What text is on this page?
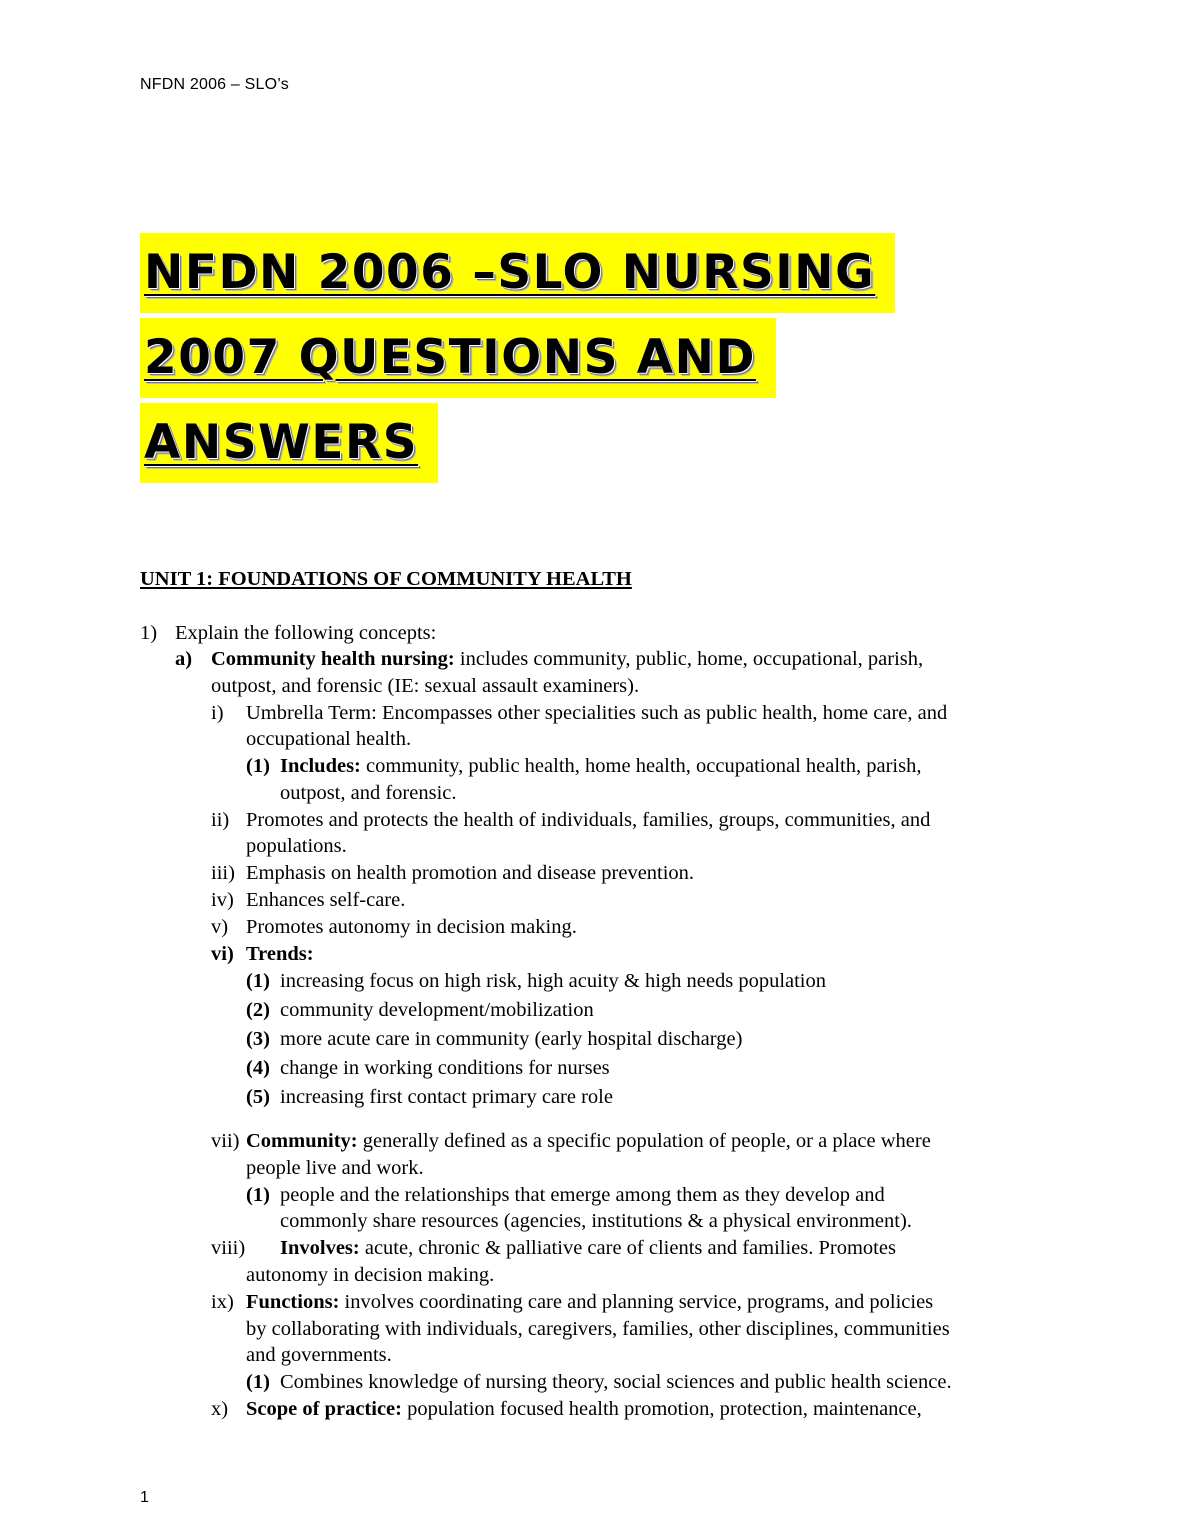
NFDN 2006 – SLO’s
NFDN 2006 –SLO NURSING
2007 QUESTIONS AND
ANSWERS
UNIT 1: FOUNDATIONS OF COMMUNITY HEALTH
1) Explain the following concepts:
a) Community health nursing: includes community, public, home, occupational, parish,
outpost, and forensic (IE: sexual assault examiners).
i) Umbrella Term: Encompasses other specialities such as public health, home care, and
occupational health.
(1) Includes: community, public health, home health, occupational health, parish,
outpost, and forensic.
ii) Promotes and protects the health of individuals, families, groups, communities, and
populations.
iii) Emphasis on health promotion and disease prevention.
iv) Enhances self-care.
v) Promotes autonomy in decision making.
vi) Trends:
(1) increasing focus on high risk, high acuity & high needs population
(2) community development/mobilization
(3) more acute care in community (early hospital discharge)
(4) change in working conditions for nurses
(5) increasing first contact primary care role
vii) Community: generally defined as a specific population of people, or a place where
people live and work.
(1) people and the relationships that emerge among them as they develop and
commonly share resources (agencies, institutions & a physical environment).
viii) Involves: acute, chronic & palliative care of clients and families. Promotes
autonomy in decision making.
ix) Functions: involves coordinating care and planning service, programs, and policies
by collaborating with individuals, caregivers, families, other disciplines, communities
and governments.
(1) Combines knowledge of nursing theory, social sciences and public health science.
x) Scope of practice: population focused health promotion, protection, maintenance,
1
